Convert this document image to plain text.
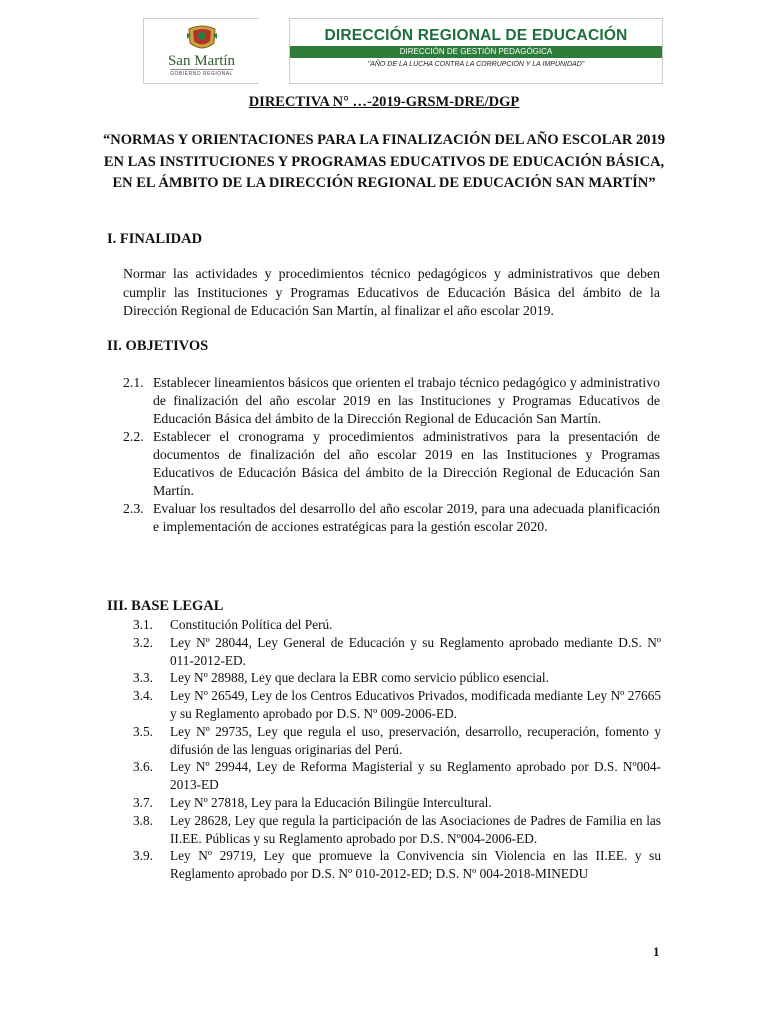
San Martín
GOBIERNO REGIONAL
DIRECCIÓN REGIONAL DE EDUCACIÓN
DIRECCIÓN DE GESTIÓN PEDAGÓGICA
"AÑO DE LA LUCHA CONTRA LA CORRUPCIÓN Y LA IMPUNIDAD"
DIRECTIVA N° …-2019-GRSM-DRE/DGP
“NORMAS Y ORIENTACIONES PARA LA FINALIZACIÓN DEL AÑO ESCOLAR 2019 EN LAS INSTITUCIONES Y PROGRAMAS EDUCATIVOS DE EDUCACIÓN BÁSICA, EN EL ÁMBITO DE LA DIRECCIÓN REGIONAL DE EDUCACIÓN SAN MARTÍN”
I. FINALIDAD
Normar las actividades y procedimientos técnico pedagógicos y administrativos que deben cumplir las Instituciones y Programas Educativos de Educación Básica del ámbito de la Dirección Regional de Educación San Martín, al finalizar el año escolar 2019.
II. OBJETIVOS
2.1. Establecer lineamientos básicos que orienten el trabajo técnico pedagógico y administrativo de finalización del año escolar 2019 en las Instituciones y Programas Educativos de Educación Básica del ámbito de la Dirección Regional de Educación San Martín.
2.2. Establecer el cronograma y procedimientos administrativos para la presentación de documentos de finalización del año escolar 2019 en las Instituciones y Programas Educativos de Educación Básica del ámbito de la Dirección Regional de Educación San Martín.
2.3. Evaluar los resultados del desarrollo del año escolar 2019, para una adecuada planificación e implementación de acciones estratégicas para la gestión escolar 2020.
III. BASE LEGAL
3.1.	Constitución Política del Perú.
3.2.	Ley Nº 28044, Ley General de Educación y su Reglamento aprobado mediante D.S. Nº 011-2012-ED.
3.3.	Ley Nº 28988, Ley que declara la EBR como servicio público esencial.
3.4.	Ley Nº 26549, Ley de los Centros Educativos Privados, modificada mediante Ley Nº 27665 y su Reglamento aprobado por D.S. Nº 009-2006-ED.
3.5.	Ley Nº 29735, Ley que regula el uso, preservación, desarrollo, recuperación, fomento y difusión de las lenguas originarias del Perú.
3.6.	Ley Nº 29944, Ley de Reforma Magisterial y su Reglamento aprobado por D.S. Nº004-2013-ED
3.7.	Ley Nº 27818, Ley para la Educación Bilingüe Intercultural.
3.8.	Ley 28628, Ley que regula la participación de las Asociaciones de Padres de Familia en las II.EE. Públicas y su Reglamento aprobado por D.S. Nº004-2006-ED.
3.9.	Ley Nº 29719, Ley que promueve la Convivencia sin Violencia en las II.EE. y su Reglamento aprobado por D.S. Nº 010-2012-ED; D.S. Nº 004-2018-MINEDU
1
